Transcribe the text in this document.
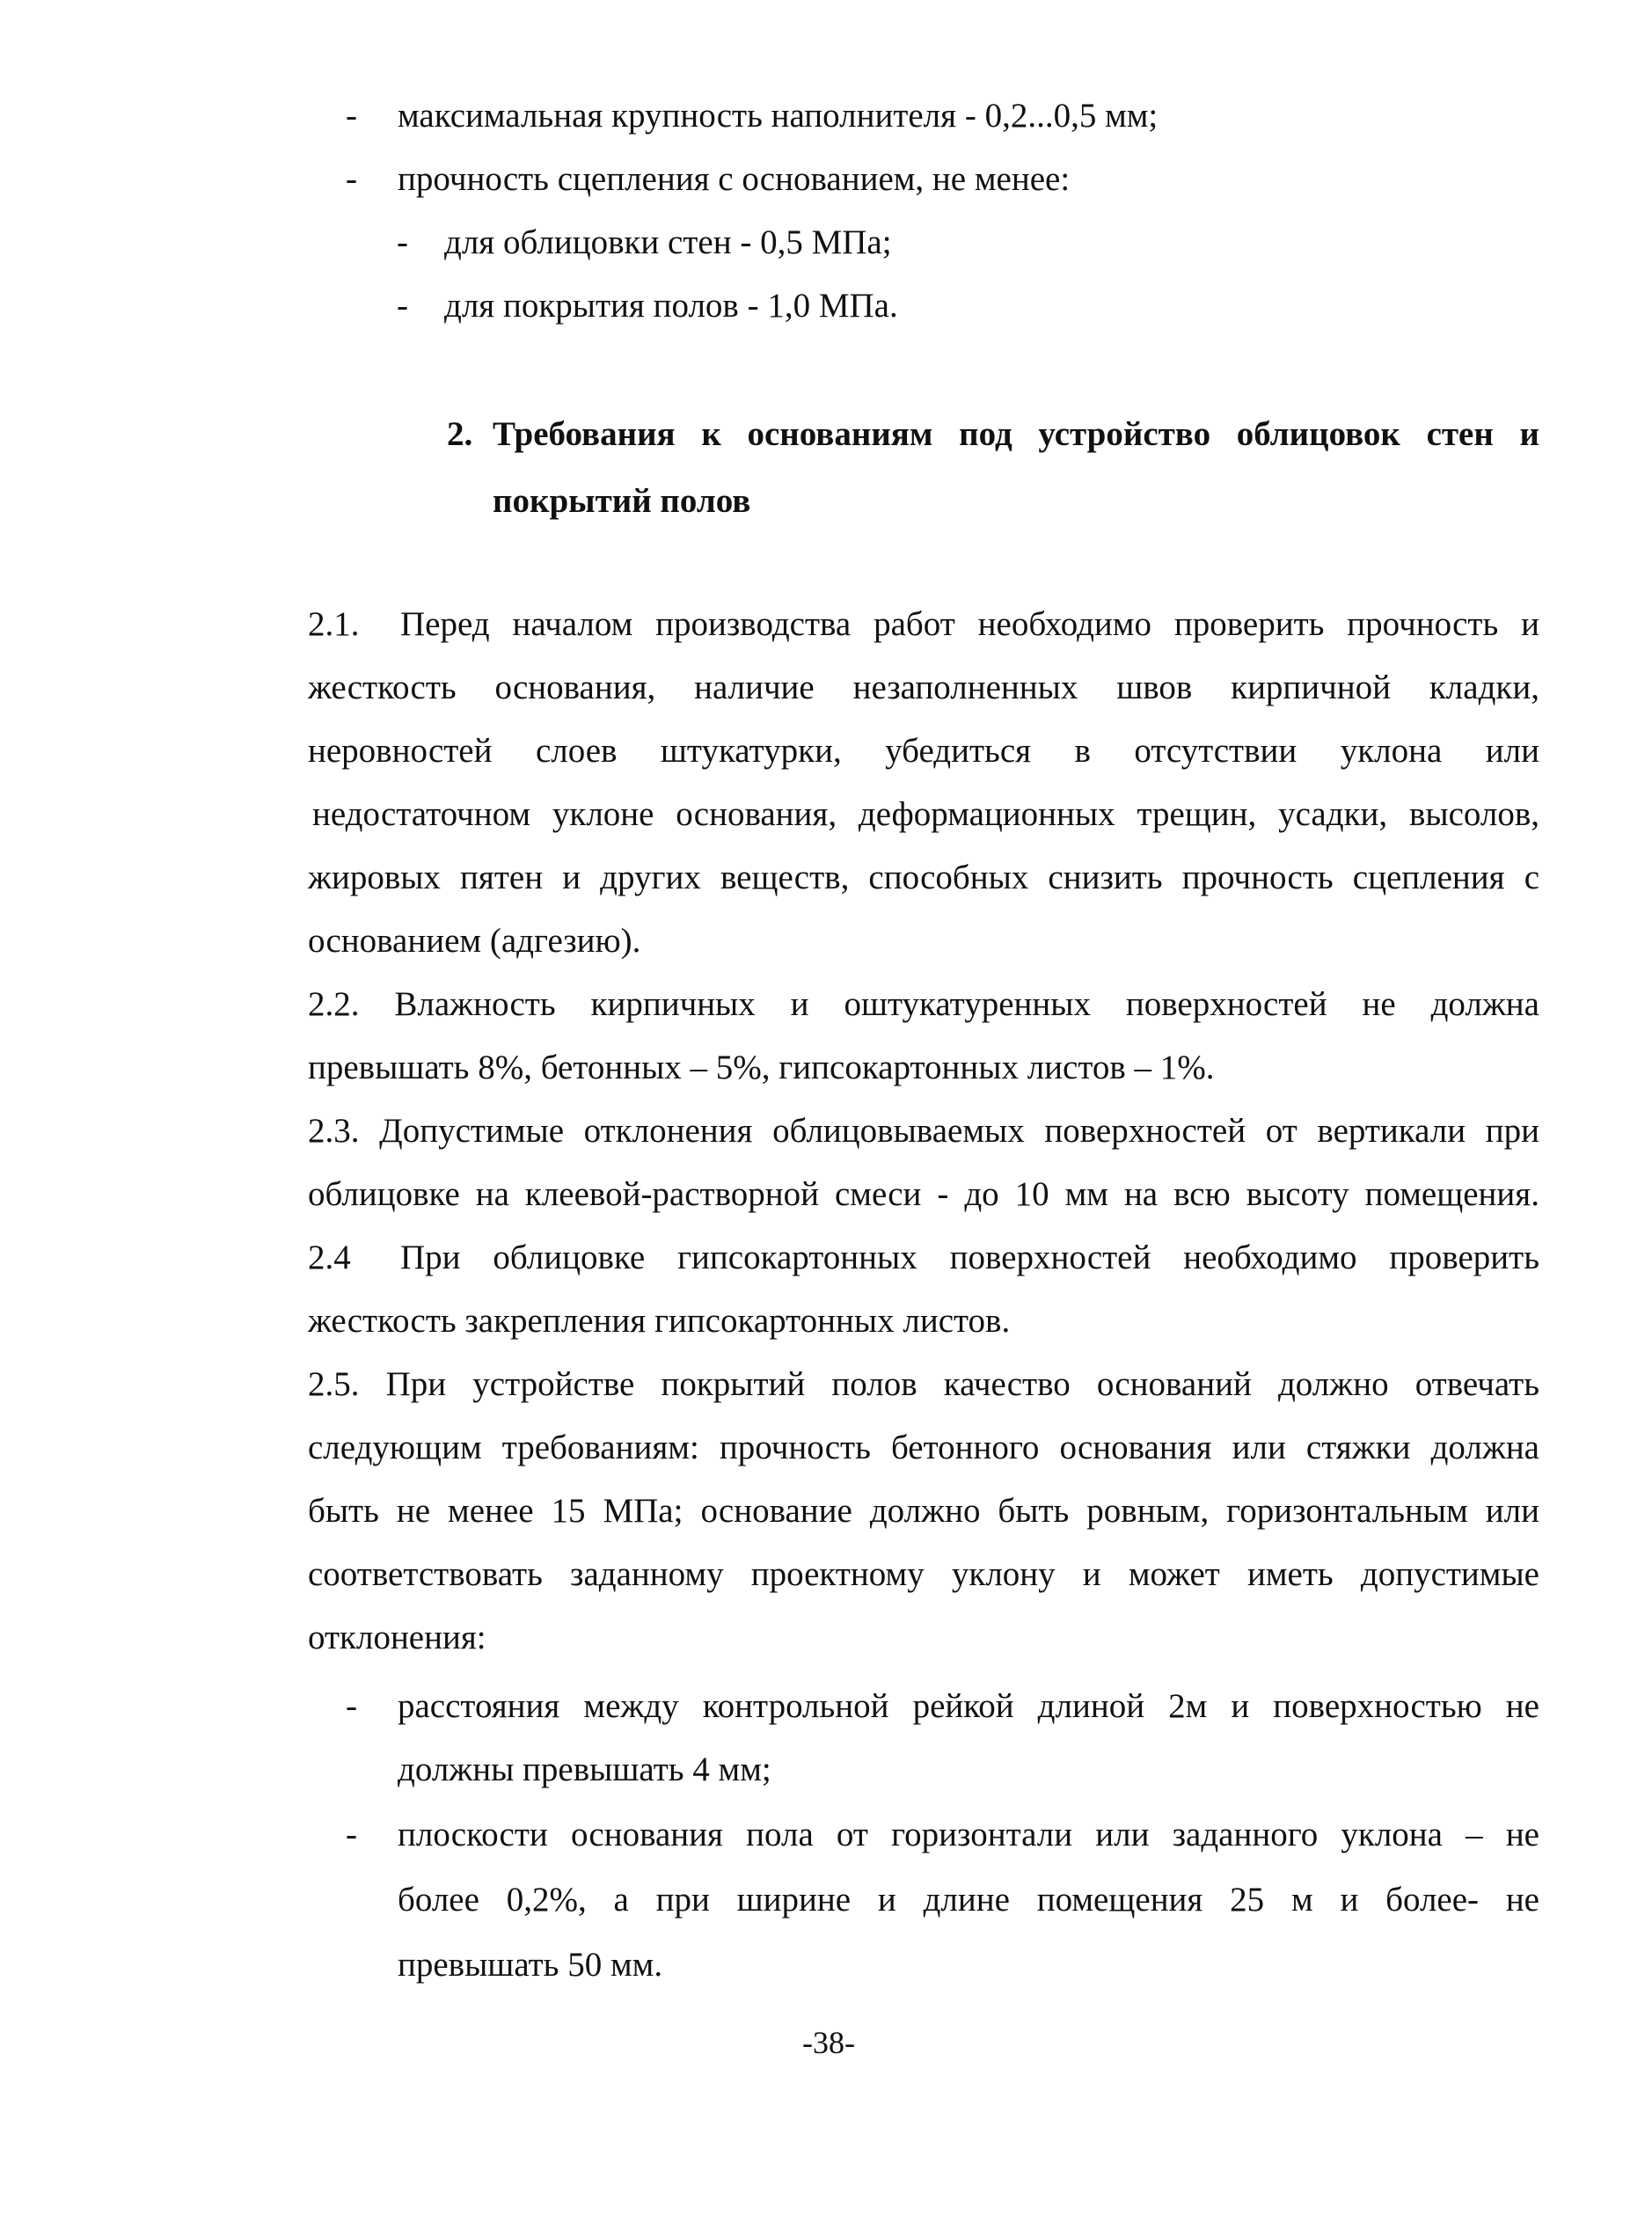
- максимальная крупность наполнителя - 0,2...0,5 мм;
- прочность сцепления с основанием, не менее:
- для облицовки стен - 0,5 МПа;
- для покрытия полов - 1,0 МПа.
2. Требования к основаниям под устройство облицовок стен и
покрытий полов
2.1. Перед началом производства работ необходимо проверить прочность и
жесткость основания, наличие незаполненных швов кирпичной кладки,
неровностей слоев штукатурки, убедиться в отсутствии уклона или
недостаточном уклоне основания, деформационных трещин, усадки, высолов,
жировых пятен и других веществ, способных снизить прочность сцепления с
основанием (адгезию).
2.2. Влажность кирпичных и оштукатуренных поверхностей не должна
превышать 8%, бетонных – 5%, гипсокартонных листов – 1%.
2.3. Допустимые отклонения облицовываемых поверхностей от вертикали при
облицовке на клеевой-растворной смеси - до 10 мм на всю высоту помещения.
2.4 При облицовке гипсокартонных поверхностей необходимо проверить
жесткость закрепления гипсокартонных листов.
2.5. При устройстве покрытий полов качество оснований должно отвечать
следующим требованиям: прочность бетонного основания или стяжки должна
быть не менее 15 МПа; основание должно быть ровным, горизонтальным или
соответствовать заданному проектному уклону и может иметь допустимые
отклонения:
- расстояния между контрольной рейкой длиной 2м и поверхностью не
должны превышать 4 мм;
- плоскости основания пола от горизонтали или заданного уклона – не
более 0,2%, а при ширине и длине помещения 25 м и более- не
превышать 50 мм.
-38-
